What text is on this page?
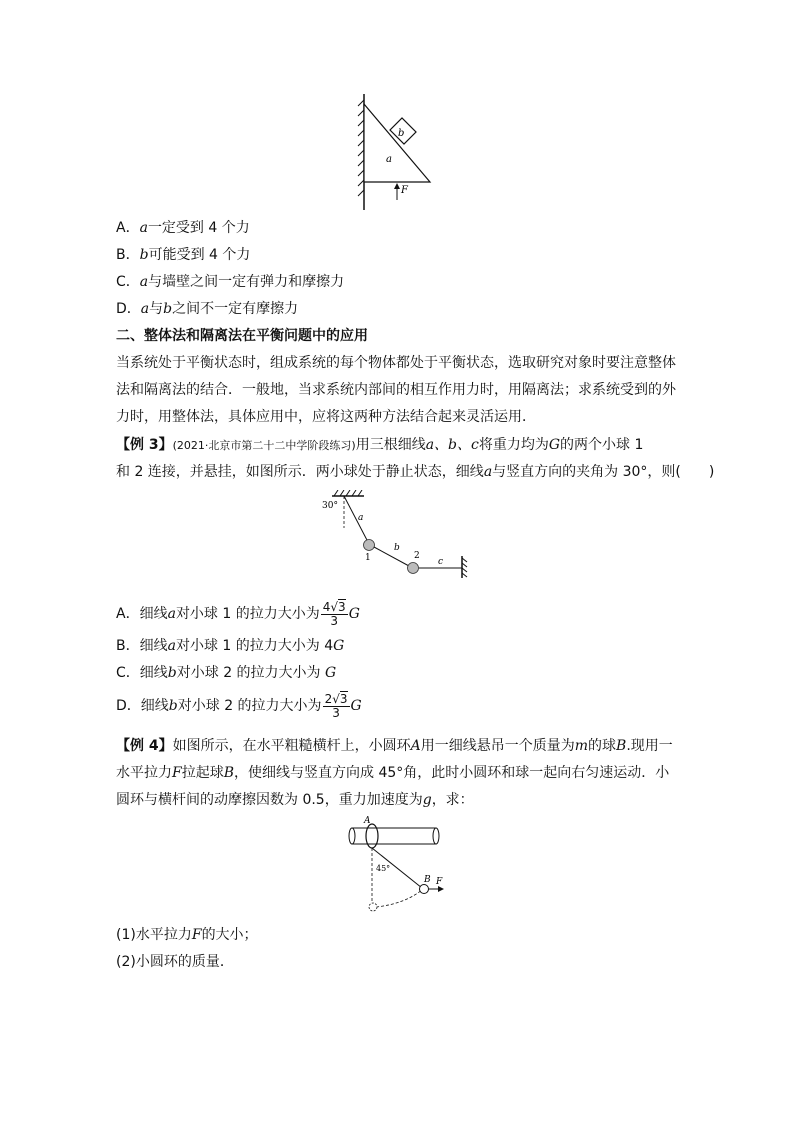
b
a
F
A．a一定受到 4 个力
B．b可能受到 4 个力
C．a与墙壁之间一定有弹力和摩擦力
D．a与b之间不一定有摩擦力
二、整体法和隔离法在平衡问题中的应用
当系统处于平衡状态时，组成系统的每个物体都处于平衡状态，选取研究对象时要注意整体
法和隔离法的结合．一般地，当求系统内部间的相互作用力时，用隔离法；求系统受到的外
力时，用整体法，具体应用中，应将这两种方法结合起来灵活运用．
【例 3】(2021·北京市第二十二中学阶段练习)用三根细线a、b、c将重力均为G的两个小球 1
和 2 连接，并悬挂，如图所示．两小球处于静止状态，细线a与竖直方向的夹角为 30°，则( )
30°
a
1
b
2
c
A．细线a对小球 1 的拉力大小为 $\frac{4√3}{3}$ G
B．细线a对小球 1 的拉力大小为 4G
C．细线b对小球 2 的拉力大小为 G
D．细线b对小球 2 的拉力大小为 $\frac{2√3}{3}$ G
【例 4】如图所示，在水平粗糙横杆上，小圆环A用一细线悬吊一个质量为m的球B.现用一
水平拉力F拉起球B，使细线与竖直方向成 45°角，此时小圆环和球一起向右匀速运动．小
圆环与横杆间的动摩擦因数为 0.5，重力加速度为g，求：
A
45°
B F
(1)水平拉力F的大小；
(2)小圆环的质量．
